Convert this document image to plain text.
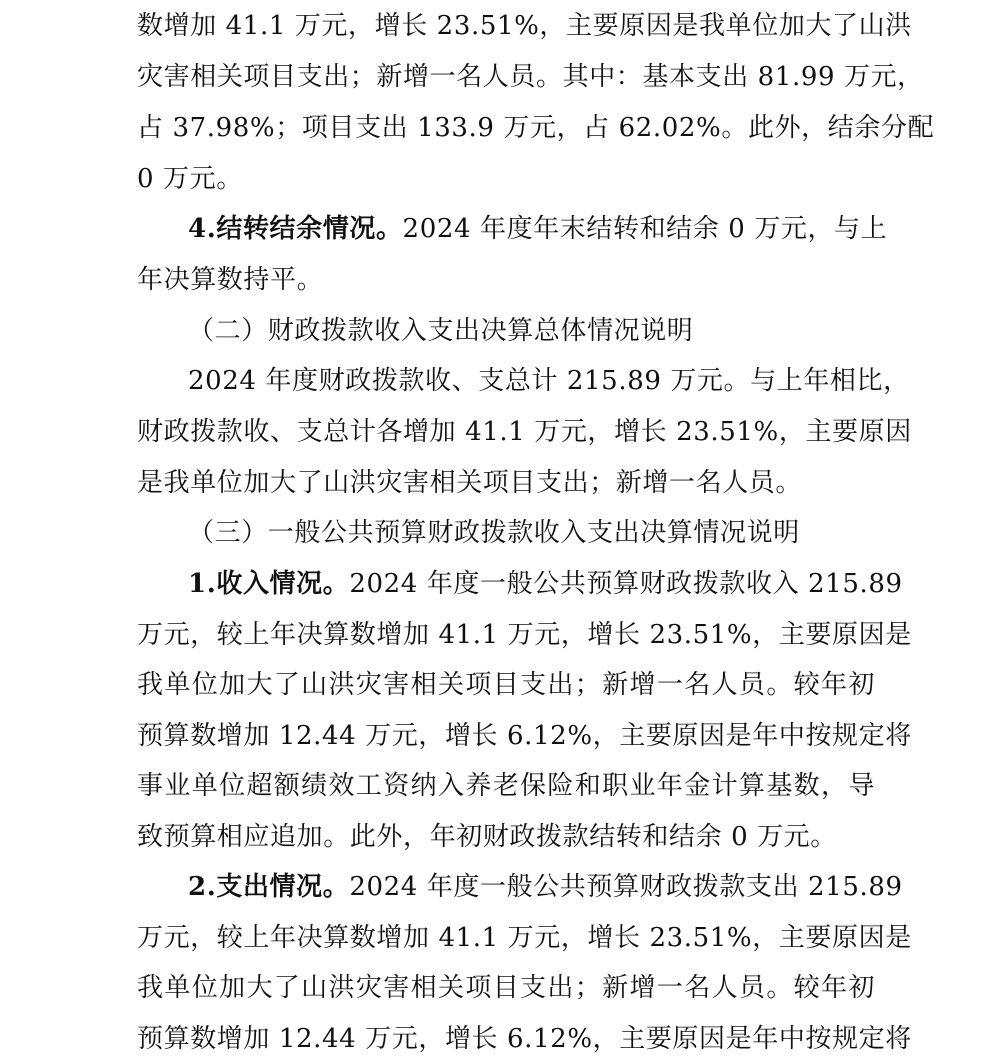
数增加 41.1 万元，增长 23.51%，主要原因是我单位加大了山洪
灾害相关项目支出；新增一名人员。其中：基本支出 81.99 万元，
占 37.98%；项目支出 133.9 万元，占 62.02%。此外，结余分配
0 万元。
4.结转结余情况。2024 年度年末结转和结余 0 万元，与上
年决算数持平。
（二）财政拨款收入支出决算总体情况说明
2024 年度财政拨款收、支总计 215.89 万元。与上年相比，
财政拨款收、支总计各增加 41.1 万元，增长 23.51%，主要原因
是我单位加大了山洪灾害相关项目支出；新增一名人员。
（三）一般公共预算财政拨款收入支出决算情况说明
1.收入情况。2024 年度一般公共预算财政拨款收入 215.89
万元，较上年决算数增加 41.1 万元，增长 23.51%，主要原因是
我单位加大了山洪灾害相关项目支出；新增一名人员。较年初
预算数增加 12.44 万元，增长 6.12%，主要原因是年中按规定将
事业单位超额绩效工资纳入养老保险和职业年金计算基数，导
致预算相应追加。此外，年初财政拨款结转和结余 0 万元。
2.支出情况。2024 年度一般公共预算财政拨款支出 215.89
万元，较上年决算数增加 41.1 万元，增长 23.51%，主要原因是
我单位加大了山洪灾害相关项目支出；新增一名人员。较年初
预算数增加 12.44 万元，增长 6.12%，主要原因是年中按规定将
